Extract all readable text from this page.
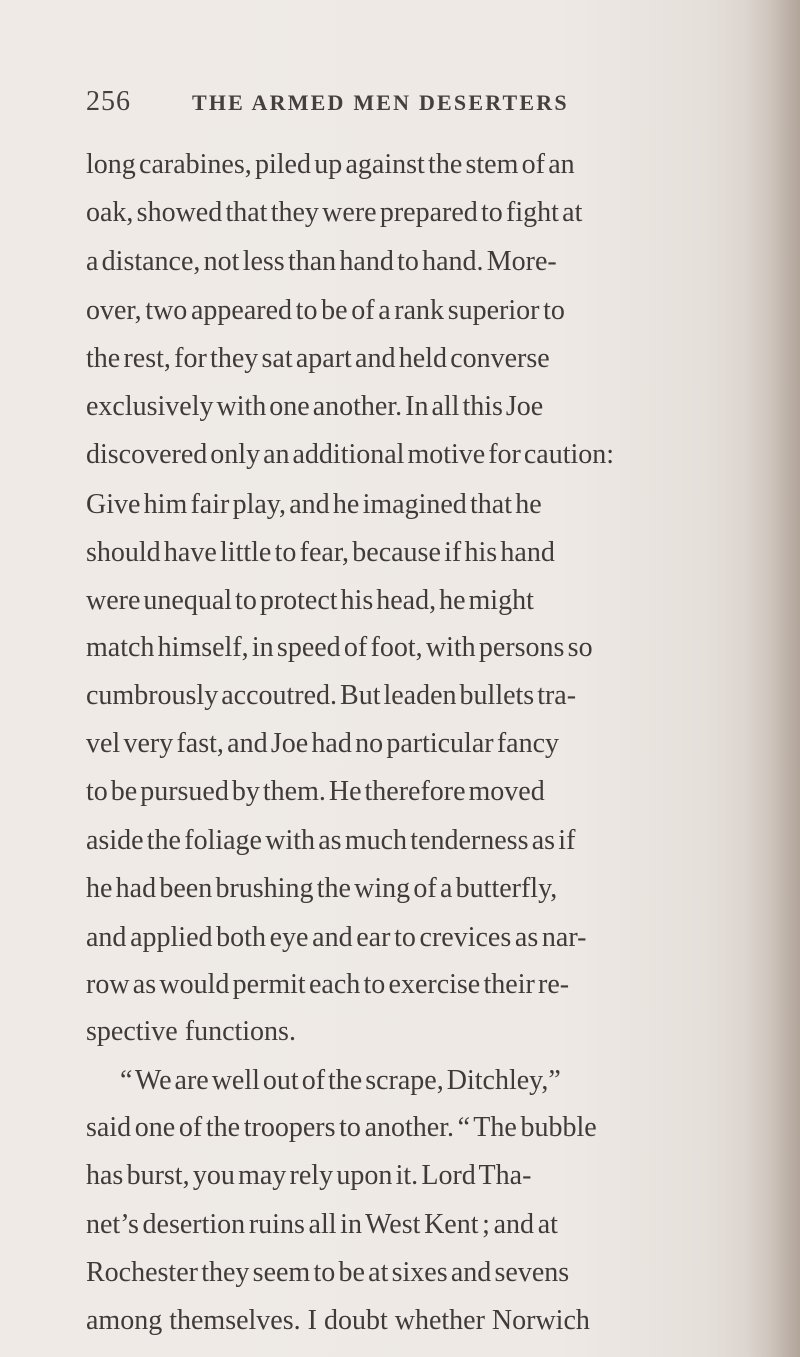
256	THE ARMED MEN DESERTERS
long carabines, piled up against the stem of an
oak, showed that they were prepared to fight at
a distance, not less than hand to hand. More-
over, two appeared to be of a rank superior to
the rest, for they sat apart and held converse
exclusively with one another. In all this Joe
discovered only an additional motive for caution:
Give him fair play, and he imagined that he
should have little to fear, because if his hand
were unequal to protect his head, he might
match himself, in speed of foot, with persons so
cumbrously accoutred. But leaden bullets tra-
vel very fast, and Joe had no particular fancy
to be pursued by them. He therefore moved
aside the foliage with as much tenderness as if
he had been brushing the wing of a butterfly,
and applied both eye and ear to crevices as nar-
row as would permit each to exercise their re-
spective functions.
“ We are well out of the scrape, Ditchley,”
said one of the troopers to another. “ The bubble
has burst, you may rely upon it. Lord Tha-
net’s desertion ruins all in West Kent ; and at
Rochester they seem to be at sixes and sevens
among themselves. I doubt whether Norwich
